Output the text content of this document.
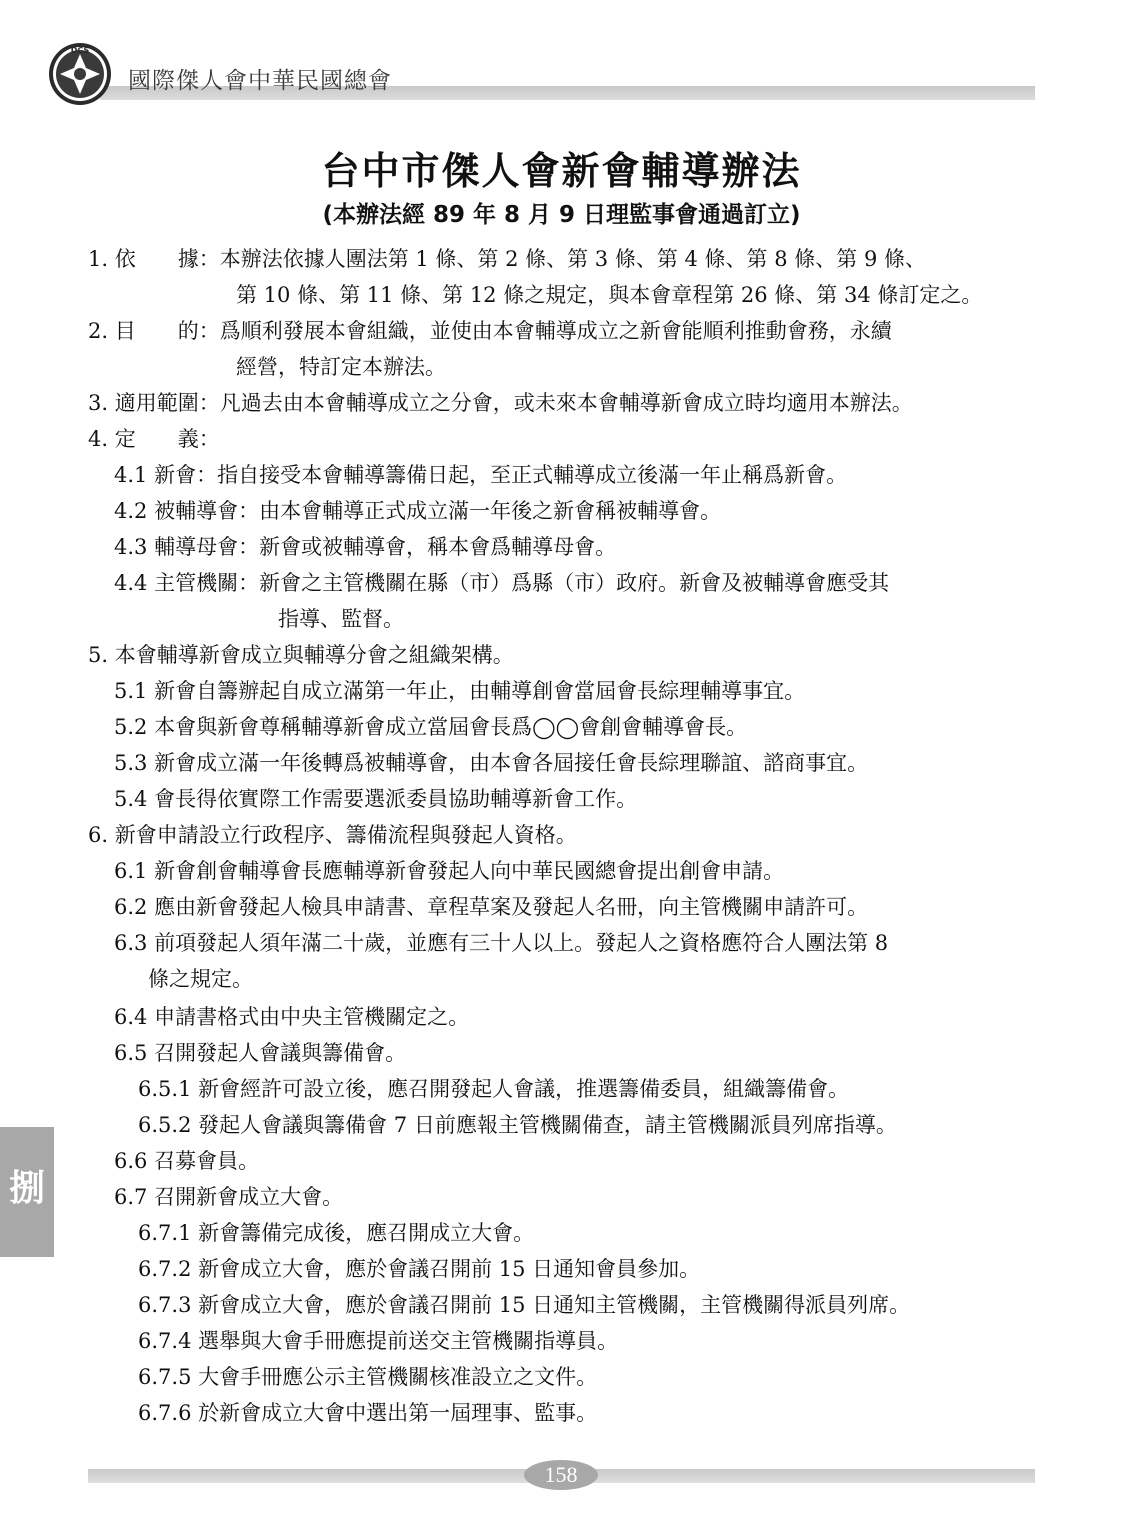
DCS
國際傑人會中華民國總會
台中市傑人會新會輔導辦法
(本辦法經 89 年 8 月 9 日理監事會通過訂立)
1. 依　　據：本辦法依據人團法第 1 條、第 2 條、第 3 條、第 4 條、第 8 條、第 9 條、
第 10 條、第 11 條、第 12 條之規定，與本會章程第 26 條、第 34 條訂定之。
2. 目　　的：爲順利發展本會組織，並使由本會輔導成立之新會能順利推動會務，永續
經營，特訂定本辦法。
3. 適用範圍：凡過去由本會輔導成立之分會，或未來本會輔導新會成立時均適用本辦法。
4. 定　　義：
4.1 新會：指自接受本會輔導籌備日起，至正式輔導成立後滿一年止稱爲新會。
4.2 被輔導會：由本會輔導正式成立滿一年後之新會稱被輔導會。
4.3 輔導母會：新會或被輔導會，稱本會爲輔導母會。
4.4 主管機關：新會之主管機關在縣（市）爲縣（市）政府。新會及被輔導會應受其
指導、監督。
5. 本會輔導新會成立與輔導分會之組織架構。
5.1 新會自籌辦起自成立滿第一年止，由輔導創會當屆會長綜理輔導事宜。
5.2 本會與新會尊稱輔導新會成立當屆會長爲◯◯會創會輔導會長。
5.3 新會成立滿一年後轉爲被輔導會，由本會各屆接任會長綜理聯誼、諮商事宜。
5.4 會長得依實際工作需要選派委員協助輔導新會工作。
6. 新會申請設立行政程序、籌備流程與發起人資格。
6.1 新會創會輔導會長應輔導新會發起人向中華民國總會提出創會申請。
6.2 應由新會發起人檢具申請書、章程草案及發起人名冊，向主管機關申請許可。
6.3 前項發起人須年滿二十歲，並應有三十人以上。發起人之資格應符合人團法第 8
條之規定。
6.4 申請書格式由中央主管機關定之。
6.5 召開發起人會議與籌備會。
6.5.1 新會經許可設立後，應召開發起人會議，推選籌備委員，組織籌備會。
6.5.2 發起人會議與籌備會 7 日前應報主管機關備查，請主管機關派員列席指導。
6.6 召募會員。
6.7 召開新會成立大會。
6.7.1 新會籌備完成後，應召開成立大會。
6.7.2 新會成立大會，應於會議召開前 15 日通知會員參加。
6.7.3 新會成立大會，應於會議召開前 15 日通知主管機關，主管機關得派員列席。
6.7.4 選舉與大會手冊應提前送交主管機關指導員。
6.7.5 大會手冊應公示主管機關核准設立之文件。
6.7.6 於新會成立大會中選出第一屆理事、監事。
捌
158
